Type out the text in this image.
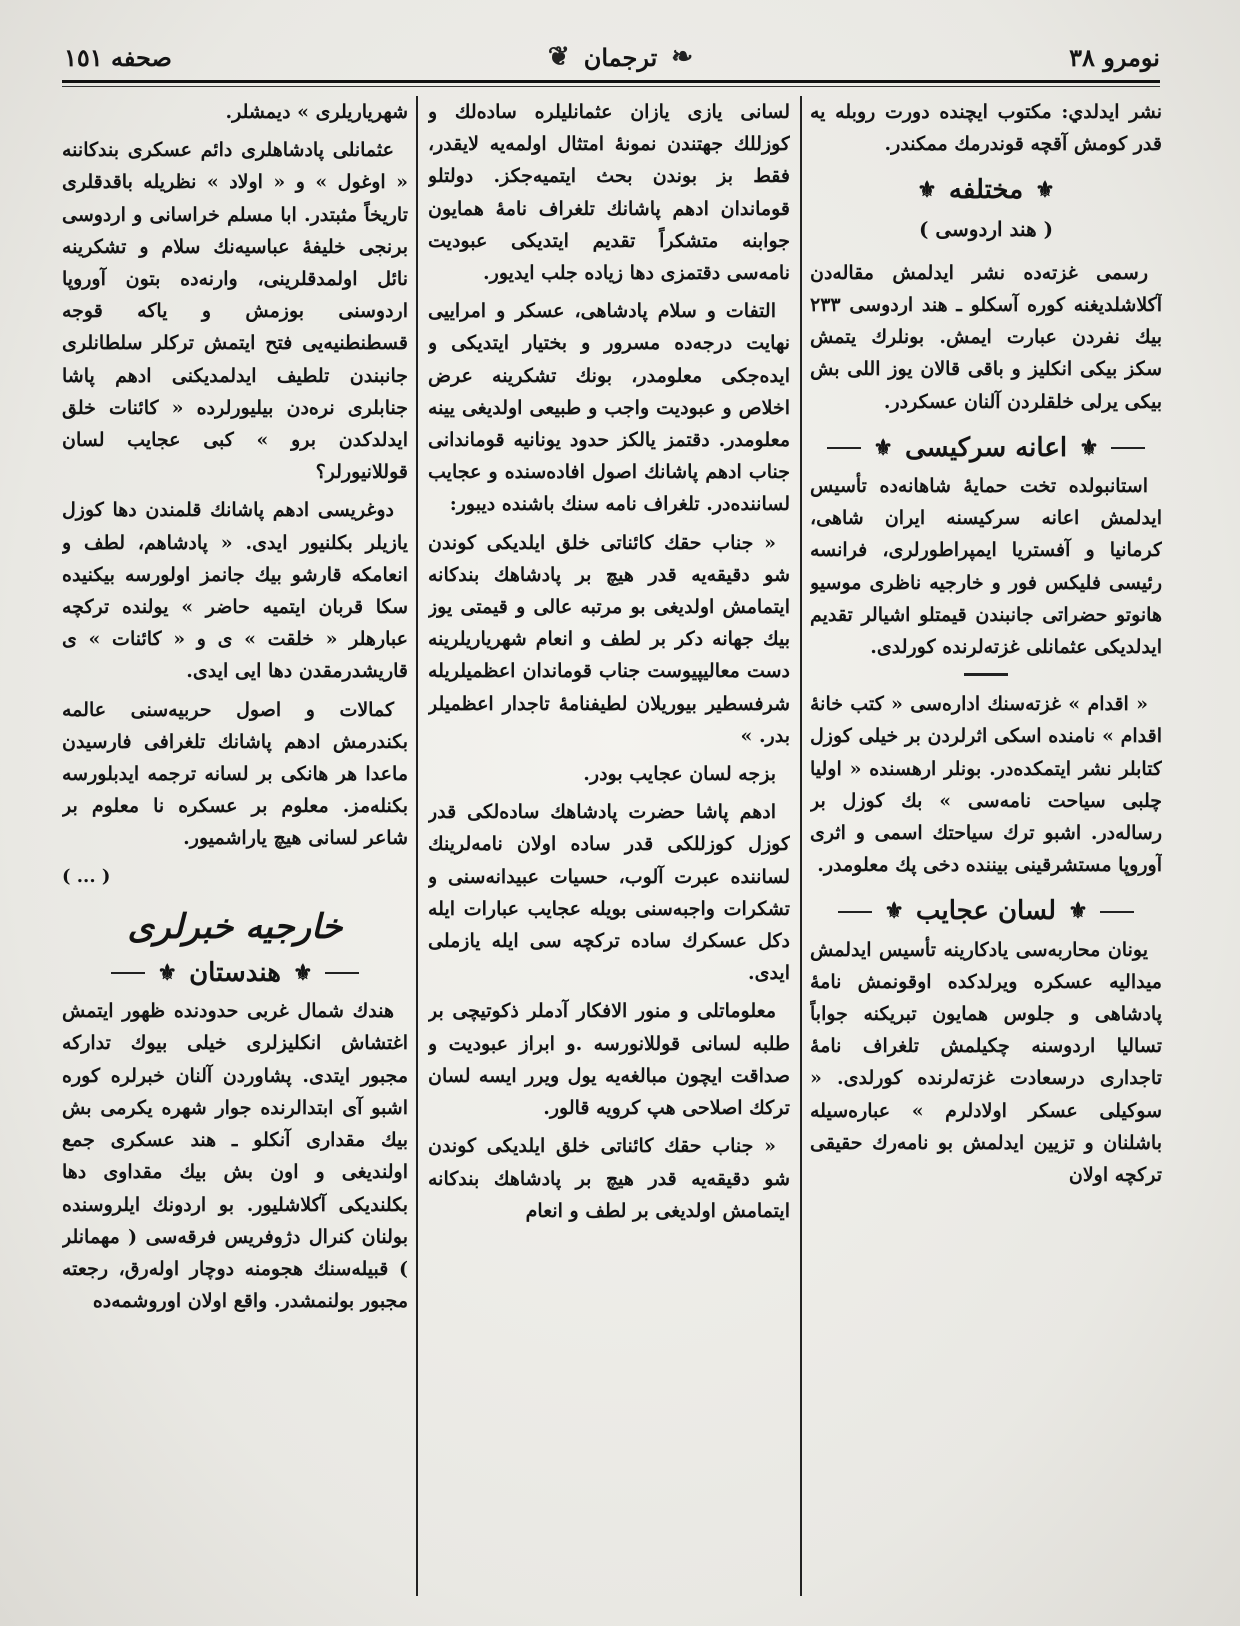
صحفه ١٥١	❦ ترجمان ❧	نومرو ٣٨

نشر ايدلدي: مكتوب ايچنده دورت روبله يه قدر كومش آقچه قوندرمك ممكندر.

⚜
مختلفه
⚜
( هند اردوسى )

رسمى غزته‌ده نشر ايدلمش مقاله‌دن آكلاشلديغنه كوره آسكلو ـ هند اردوسى ٢٣٣ بيك نفردن عبارت ايمش. بونلرك يتمش سكز بيكى انكليز و باقى قالان يوز اللى بش بيكى يرلى خلقلردن آلنان عسكردر.

⚜
اعانه سركيسى
⚜

استانبولده تخت حمايهٔ شاهانه‌ده تأسيس ايدلمش اعانه سركيسنه ايران شاهى، كرمانيا و آفستريا ايمپراطورلرى، فرانسه رئيسى فليكس فور و خارجيه ناظرى موسيو هانوتو حضراتى جانبندن قيمتلو اشيالر تقديم ايدلديكى عثمانلى غزته‌لرنده كورلدى.

« اقدام » غزته‌سنك اداره‌سى « كتب خانهٔ اقدام » نامنده اسكى اثرلردن بر خيلى كوزل كتابلر نشر ايتمكده‌در. بونلر ارهسنده « اوليا چلبى سياحت نامه‌سى » بك كوزل بر رساله‌در. اشبو ترك سياحتك اسمى و اثرى آوروپا مستشرقينى بيننده دخى پك معلومدر.

⚜
لسان عجايب
⚜

يونان محاربه‌سى يادكارينه تأسيس ايدلمش ميداليه عسكره ويرلدكده اوقونمش نامهٔ پادشاهى و جلوس همايون تبريكنه جواباً تسالیا اردوسنه چكيلمش تلغراف نامهٔ تاجدارى درسعادت غزته‌لرنده كورلدى. « سوكيلى عسكر اولادلرم » عباره‌سيله باشلنان و تزيين ايدلمش بو نامه‌رك حقيقى تركچه اولان

لسانى يازى يازان عثمانليلره ساده‌لك و كوزللك جهتندن نمونهٔ امتثال اولمه‌يه لايقدر، فقط بز بوندن بحث ايتميه‌جكز. دولتلو قوماندان ادهم پاشانك تلغراف نامهٔ همايون جوابنه متشكراً تقديم ايتديكى عبوديت نامه‌سى دقتمزى دها زياده جلب ايديور.

التفات و سلام پادشاهى، عسكر و امراييى نهايت درجه‌ده مسرور و بختيار ايتديكى و ايده‌جكى معلومدر، بونك تشكرينه عرض اخلاص و عبوديت واجب و طبيعى اولديغى يينه معلومدر. دقتمز يالكز حدود يونانيه قوماندانى جناب ادهم پاشانك اصول افاده‌سنده و عجايب لساننده‌در. تلغراف نامه سنك باشنده ديبور:

« جناب حقك كائناتى خلق ايلديكى كوندن شو دقيقه‌يه قدر هيچ بر پادشاهك بندكانه ايتمامش اولديغى بو مرتبه عالى و قيمتى يوز بيك جهانه دكر بر لطف و انعام شهرياريلرينه دست معاليپيوست جناب قوماندان اعظميلريله شرفسطير بيوريلان لطيفنامهٔ تاجدار اعظميلر بدر. »

بزجه لسان عجايب بودر.

ادهم پاشا حضرت پادشاهك ساده‌لكى قدر كوزل كوزللكى قدر ساده اولان نامه‌لرينك لساننده عبرت آلوب، حسيات عبيدانه‌سنى و تشكرات واجبه‌سنى بويله عجايب عبارات ايله دكل عسكرك ساده تركچه سى ايله يازملى ايدى.

معلوماتلى و منور الافكار آدملر ذكوتيچى بر طلبه لسانى قوللانورسه .و ابراز عبوديت و صداقت ايچون مبالغه‌يه يول ويرر ايسه لسان تركك اصلاحى هپ كرويه قالور.

« جناب حقك كائناتى خلق ايلديكى كوندن شو دقيقه‌يه قدر هيچ بر پادشاهك بندكانه ايتمامش اولديغى بر لطف و انعام

شهرياريلرى » ديمشلر.

عثمانلى پادشاهلرى دائم عسكرى بندكاننه « اوغول » و « اولاد » نظريله باقدقلرى تاريخاً مثبتدر. ابا مسلم خراسانى و اردوسى برنجى خليفهٔ عباسيه‌نك سلام و تشكرينه نائل اولمدقلرينى، وارنه‌ده بتون آوروپا اردوسنى بوزمش و ياكه قوجه قسطنطنيه‌يى فتح ايتمش تركلر سلطانلرى جانبندن تلطيف ايدلمديكنى ادهم پاشا جنابلرى نره‌دن بيليورلرده « كائنات خلق ايدلدكدن برو » كبى عجايب لسان قوللانيورلر؟

دوغريسى ادهم پاشانك قلمندن دها كوزل يازيلر بكلنيور ايدى. « پادشاهم، لطف و انعامكه قارشو بيك جانمز اولورسه بيكنيده سكا قربان ايتميه حاضر » يولنده تركچه عبارهلر « خلقت » ى و « كائنات » ى قاريشدرمقدن دها ايى ايدى.

كمالات و اصول حربيه‌سنى عالمه بكندرمش ادهم پاشانك تلغرافى فارسيدن ماعدا هر هانكى بر لسانه ترجمه ايدبلورسه بكنله‌مز. معلوم بر عسكره نا معلوم بر شاعر لسانى هيچ ياراشميور.

( ... )
خارجيه خبرلرى
⚜
هندستان
⚜

هندك شمال غربى حدودنده ظهور ايتمش اغتشاش انكليزلرى خيلى بيوك تداركه مجبور ايتدى. پشاوردن آلنان خبرلره كوره اشبو آى ابتدالرنده جوار شهره يكرمى بش بيك مقدارى آنكلو ـ هند عسكرى جمع اولنديغى و اون بش بيك مقداوى دها بكلنديكى آكلاشليور. بو اردونك ايلروسنده بولنان كنرال دژوفريس فرقه‌سى ( مهمانلر ) قبيله‌سنك هجومنه دوچار اوله‌رق، رجعته مجبور بولنمشدر. واقع اولان اوروشمه‌ده
